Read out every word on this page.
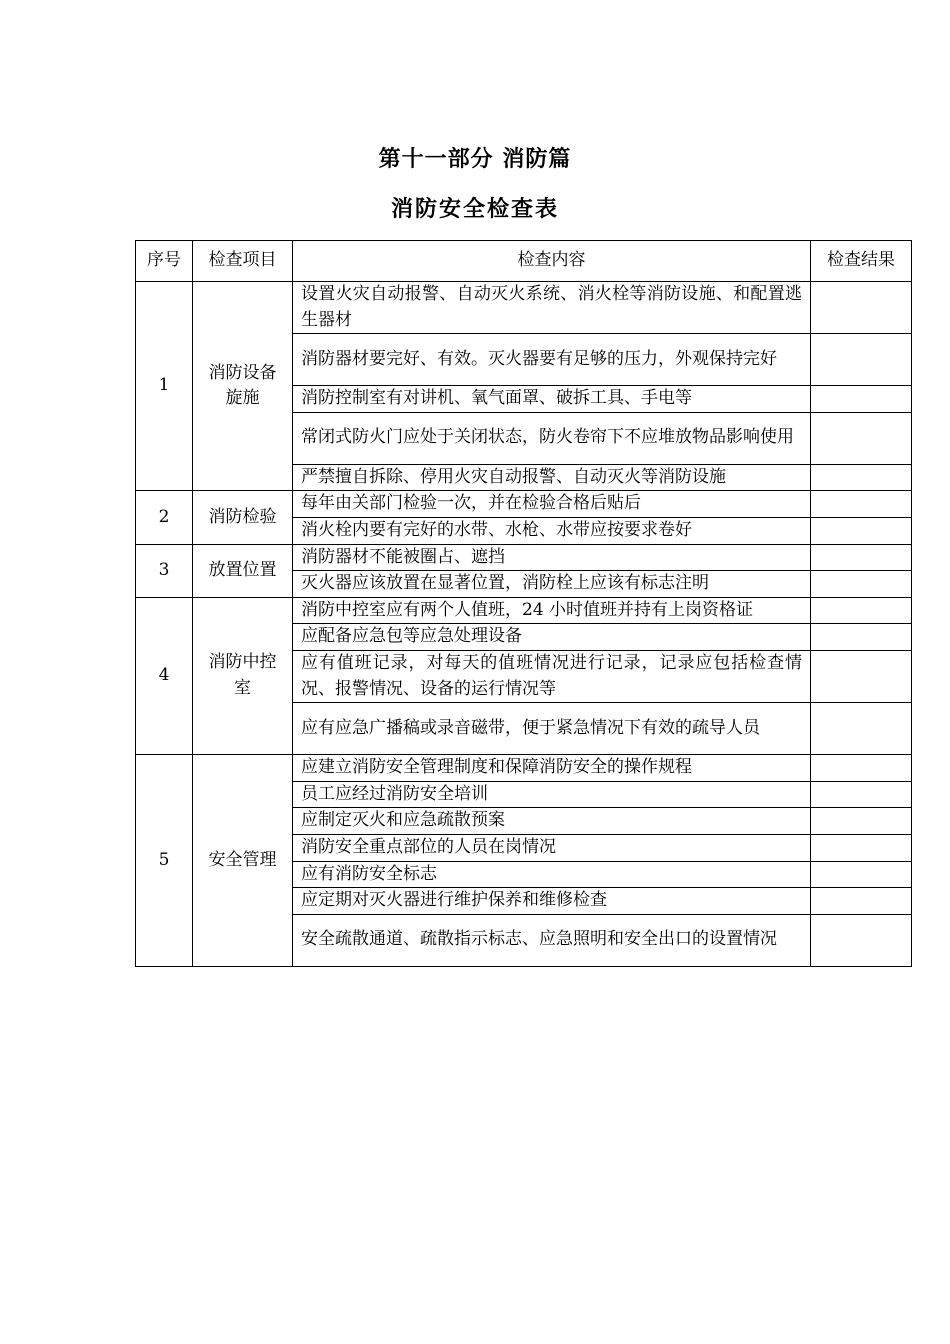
第十一部分 消防篇
消防安全检查表
序号	检查项目	检查内容	检查结果
1	消防设备旋施	设置火灾自动报警、自动灭火系统、消火栓等消防设施、和配置逃生器材	
		消防器材要完好、有效。灭火器要有足够的压力，外观保持完好	
		消防控制室有对讲机、氧气面罩、破拆工具、手电等	
		常闭式防火门应处于关闭状态，防火卷帘下不应堆放物品影响使用	
		严禁擅自拆除、停用火灾自动报警、自动灭火等消防设施	
2	消防检验	每年由关部门检验一次，并在检验合格后贴后	
		消火栓内要有完好的水带、水枪、水带应按要求卷好	
3	放置位置	消防器材不能被圈占、遮挡	
		灭火器应该放置在显著位置，消防栓上应该有标志注明	
4	消防中控室	消防中控室应有两个人值班，24 小时值班并持有上岗资格证	
		应配备应急包等应急处理设备	
		应有值班记录，对每天的值班情况进行记录，记录应包括检查情况、报警情况、设备的运行情况等	
		应有应急广播稿或录音磁带，便于紧急情况下有效的疏导人员	
5	安全管理	应建立消防安全管理制度和保障消防安全的操作规程	
		员工应经过消防安全培训	
		应制定灭火和应急疏散预案	
		消防安全重点部位的人员在岗情况	
		应有消防安全标志	
		应定期对灭火器进行维护保养和维修检查	
		安全疏散通道、疏散指示标志、应急照明和安全出口的设置情况	
